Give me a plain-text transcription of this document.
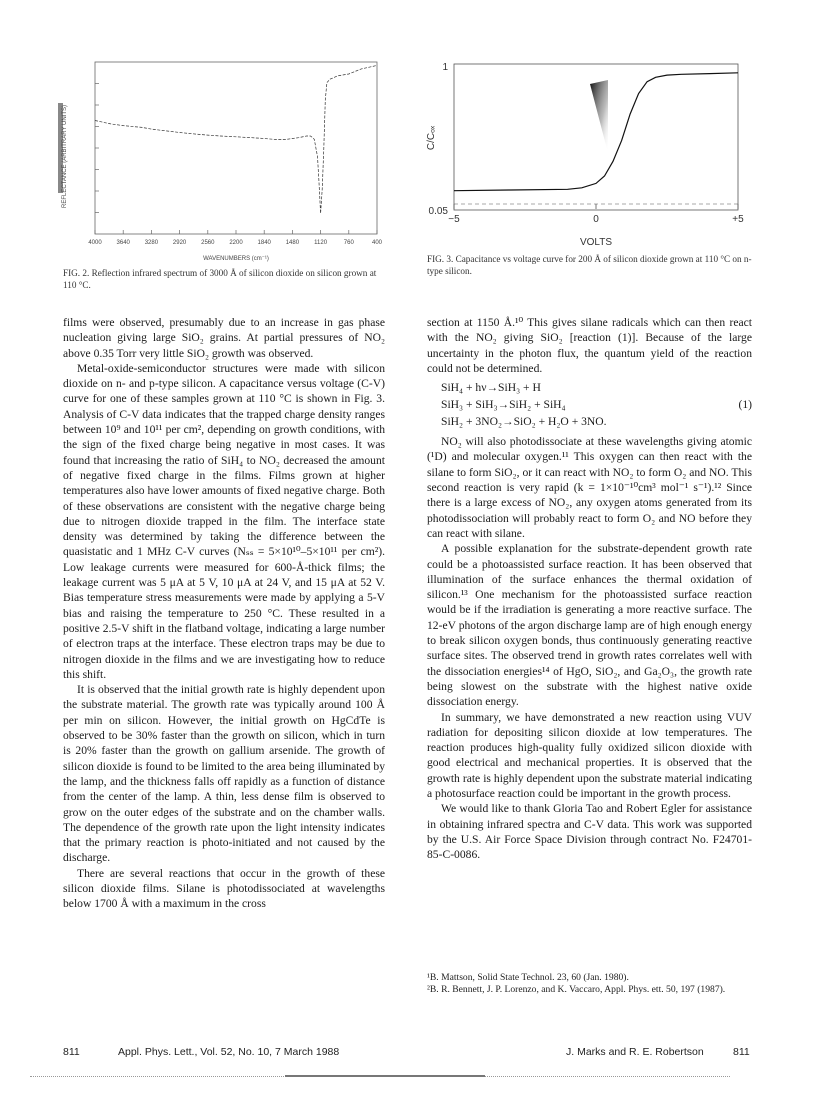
4000 3640 3280 2920 2560 2200 1840 1480	1120	760	400
REFLECTANCE (ARBITRARY UNITS)
WAVENUMBERS (cm⁻¹)
FIG. 2. Reflection infrared spectrum of 3000 Å of silicon dioxide on silicon grown at 110 °C.
−5	0	+5
1
0.05
C/Cₒₓ
VOLTS
FIG. 3. Capacitance vs voltage curve for 200 Å of silicon dioxide grown at 110 °C on n-type silicon.

films were observed, presumably due to an increase in gas phase nucleation giving large SiO₂ grains. At partial pressures of NO₂ above 0.35 Torr very little SiO₂ growth was observed.

Metal-oxide-semiconductor structures were made with silicon dioxide on n- and p-type silicon. A capacitance versus voltage (C-V) curve for one of these samples grown at 110 °C is shown in Fig. 3. Analysis of C-V data indicates that the trapped charge density ranges between 10⁹ and 10¹¹ per cm², depending on growth conditions, with the sign of the fixed charge being negative in most cases. It was found that increasing the ratio of SiH₄ to NO₂ decreased the amount of negative fixed charge in the films. Films grown at higher temperatures also have lower amounts of fixed negative charge. Both of these observations are consistent with the negative charge being due to nitrogen dioxide trapped in the film. The interface state density was determined by taking the difference between the quasistatic and 1 MHz C-V curves (Nₛₛ = 5×10¹⁰–5×10¹¹ per cm²). Low leakage currents were measured for 600-Å-thick films; the leakage current was 5 μA at 5 V, 10 μA at 24 V, and 15 μA at 52 V. Bias temperature stress measurements were made by applying a 5-V bias and raising the temperature to 250 °C. These resulted in a positive 2.5-V shift in the flatband voltage, indicating a large number of electron traps at the interface. These electron traps may be due to nitrogen dioxide in the films and we are investigating how to reduce this shift.

It is observed that the initial growth rate is highly dependent upon the substrate material. The growth rate was typically around 100 Å per min on silicon. However, the initial growth on HgCdTe is observed to be 30% faster than the growth on silicon, which in turn is 20% faster than the growth on gallium arsenide. The growth of silicon dioxide is found to be limited to the area being illuminated by the lamp, and the thickness falls off rapidly as a function of distance from the center of the lamp. A thin, less dense film is observed to grow on the outer edges of the substrate and on the chamber walls. The dependence of the growth rate upon the light intensity indicates that the primary reaction is photo-initiated and not caused by the discharge.

There are several reactions that occur in the growth of these silicon dioxide films. Silane is photodissociated at wavelengths below 1700 Å with a maximum in the cross

section at 1150 Å.¹⁰ This gives silane radicals which can then react with the NO₂ giving SiO₂ [reaction (1)]. Because of the large uncertainty in the photon flux, the quantum yield of the reaction could not be determined.

SiH₄ + hν→SiH₃ + H
SiH₃ + SiH₃→SiH₂ + SiH₄	(1)
SiH₂ + 3NO₂→SiO₂ + H₂O + 3NO.

NO₂ will also photodissociate at these wavelengths giving atomic (¹D) and molecular oxygen.¹¹ This oxygen can then react with the silane to form SiO₂, or it can react with NO₂ to form O₂ and NO. This second reaction is very rapid (k = 1×10⁻¹⁰cm³ mol⁻¹ s⁻¹).¹² Since there is a large excess of NO₂, any oxygen atoms generated from its photodissociation will probably react to form O₂ and NO before they can react with silane.

A possible explanation for the substrate-dependent growth rate could be a photoassisted surface reaction. It has been observed that illumination of the surface enhances the thermal oxidation of silicon.¹³ One mechanism for the photoassisted surface reaction would be if the irradiation is generating a more reactive surface. The 12-eV photons of the argon discharge lamp are of high enough energy to break silicon oxygen bonds, thus continuously generating reactive surface sites. The observed trend in growth rates correlates well with the dissociation energies¹⁴ of HgO, SiO₂, and Ga₂O₃, the growth rate being slowest on the substrate with the highest native oxide dissociation energy.

In summary, we have demonstrated a new reaction using VUV radiation for depositing silicon dioxide at low temperatures. The reaction produces high-quality fully oxidized silicon dioxide with good electrical and mechanical properties. It is observed that the growth rate is highly dependent upon the substrate material indicating a photosurface reaction could be important in the growth process.

We would like to thank Gloria Tao and Robert Egler for assistance in obtaining infrared spectra and C-V data. This work was supported by the U.S. Air Force Space Division through contract No. F24701-85-C-0086.

¹B. Mattson, Solid State Technol. 23, 60 (Jan. 1980).
²B. R. Bennett, J. P. Lorenzo, and K. Vaccaro, Appl. Phys. ett. 50, 197 (1987).
811	Appl. Phys. Lett., Vol. 52, No. 10, 7 March 1988	J. Marks and R. E. Robertson	811
